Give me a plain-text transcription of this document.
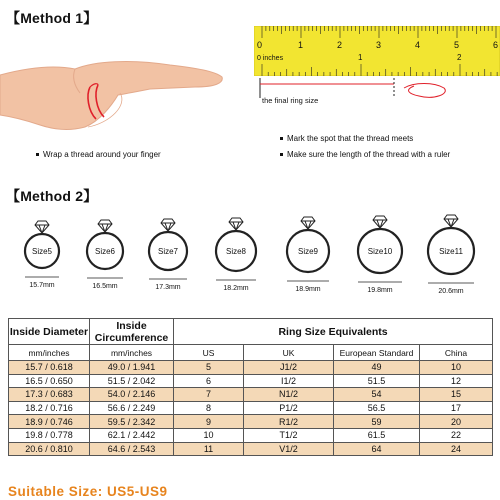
【Method 1】
0
0 inches
1	2	3	4	5	6
1	2
the final ring size
Wrap a thread around your finger
Mark the spot that the thread meets
Make sure the length of the thread with a ruler
【Method 2】
Size5
15.7mm
Size6
16.5mm
Size7
17.3mm
Size8
18.2mm
Size9
18.9mm
Size10
19.8mm
Size11
20.6mm
Inside Diameter	Inside Circumference	Ring Size Equivalents			
mm/inches	mm/inches	US	UK	European Standard	China
15.7 / 0.618	49.0 / 1.941	5	J1/2	49	10
16.5 / 0.650	51.5 / 2.042	6	I1/2	51.5	12
17.3 / 0.683	54.0 / 2.146	7	N1/2	54	15
18.2 / 0.716	56.6 / 2.249	8	P1/2	56.5	17
18.9 / 0.746	59.5 / 2.342	9	R1/2	59	20
19.8 / 0.778	62.1 / 2.442	10	T1/2	61.5	22
20.6 / 0.810	64.6 / 2.543	11	V1/2	64	24
Suitable Size: US5-US9
